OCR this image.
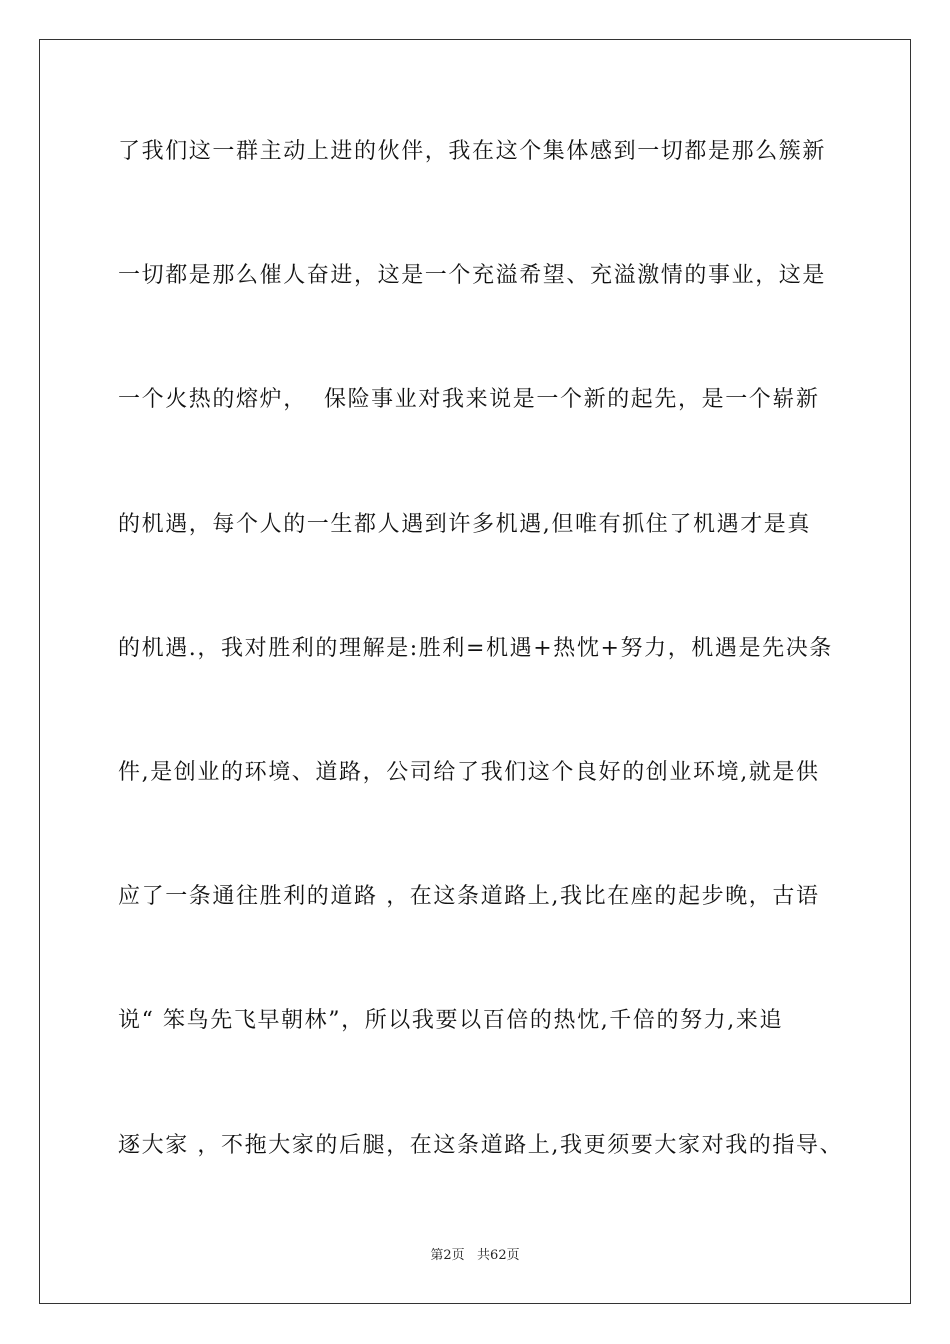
了我们这一群主动上进的伙伴，我在这个集体感到一切都是那么簇新
一切都是那么催人奋进，这是一个充溢希望、充溢激情的事业，这是
一个火热的熔炉，  保险事业对我来说是一个新的起先，是一个崭新
的机遇，每个人的一生都人遇到许多机遇,但唯有抓住了机遇才是真
的机遇.，我对胜利的理解是:胜利=机遇+热忱+努力，机遇是先决条
件,是创业的环境、道路，公司给了我们这个良好的创业环境,就是供
应了一条通往胜利的道路 ，在这条道路上,我比在座的起步晚，古语
说“ 笨鸟先飞早朝林”，所以我要以百倍的热忱,千倍的努力,来追
逐大家 ，不拖大家的后腿，在这条道路上,我更须要大家对我的指导、
第2页   共62页
